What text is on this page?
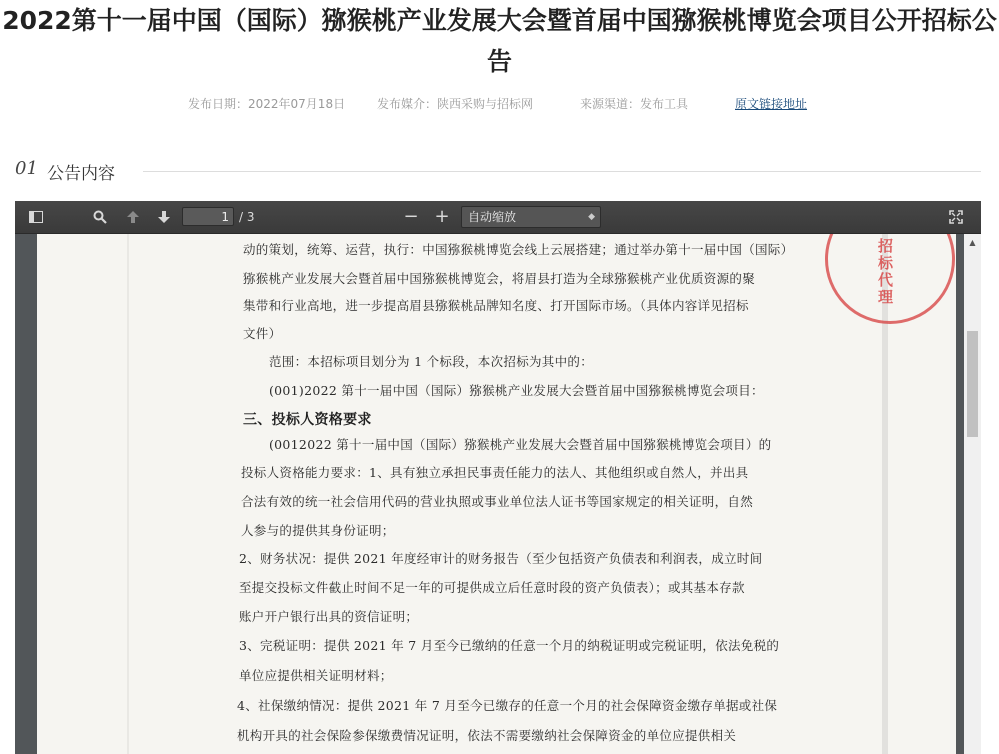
2022第十一届中国（国际）猕猴桃产业发展大会暨首届中国猕猴桃博览会项目公开招标公
告
发布日期：2022年07月18日	发布媒介：陕西采购与招标网	来源渠道：发布工具	原文链接地址
01 公告内容
1 / 3	− +	自动缩放	◆
招标代理
动的策划，统筹、运营，执行：中国猕猴桃博览会线上云展搭建；通过举办第十一届中国（国际）
猕猴桃产业发展大会暨首届中国猕猴桃博览会，将眉县打造为全球猕猴桃产业优质资源的聚
集带和行业高地，进一步提高眉县猕猴桃品牌知名度、打开国际市场。（具体内容详见招标
文件）
范围：本招标项目划分为 1 个标段，本次招标为其中的：
(001)2022 第十一届中国（国际）猕猴桃产业发展大会暨首届中国猕猴桃博览会项目：
三、投标人资格要求
(0012022 第十一届中国（国际）猕猴桃产业发展大会暨首届中国猕猴桃博览会项目）的
投标人资格能力要求：1、具有独立承担民事责任能力的法人、其他组织或自然人，并出具
合法有效的统一社会信用代码的营业执照或事业单位法人证书等国家规定的相关证明，自然
人参与的提供其身份证明；
2、财务状况：提供 2021 年度经审计的财务报告（至少包括资产负债表和利润表，成立时间
至提交投标文件截止时间不足一年的可提供成立后任意时段的资产负债表）；或其基本存款
账户开户银行出具的资信证明；
3、完税证明：提供 2021 年 7 月至今已缴纳的任意一个月的纳税证明或完税证明，依法免税的
单位应提供相关证明材料；
4、社保缴纳情况：提供 2021 年 7 月至今已缴存的任意一个月的社会保障资金缴存单据或社保
机构开具的社会保险参保缴费情况证明，依法不需要缴纳社会保障资金的单位应提供相关
▲
